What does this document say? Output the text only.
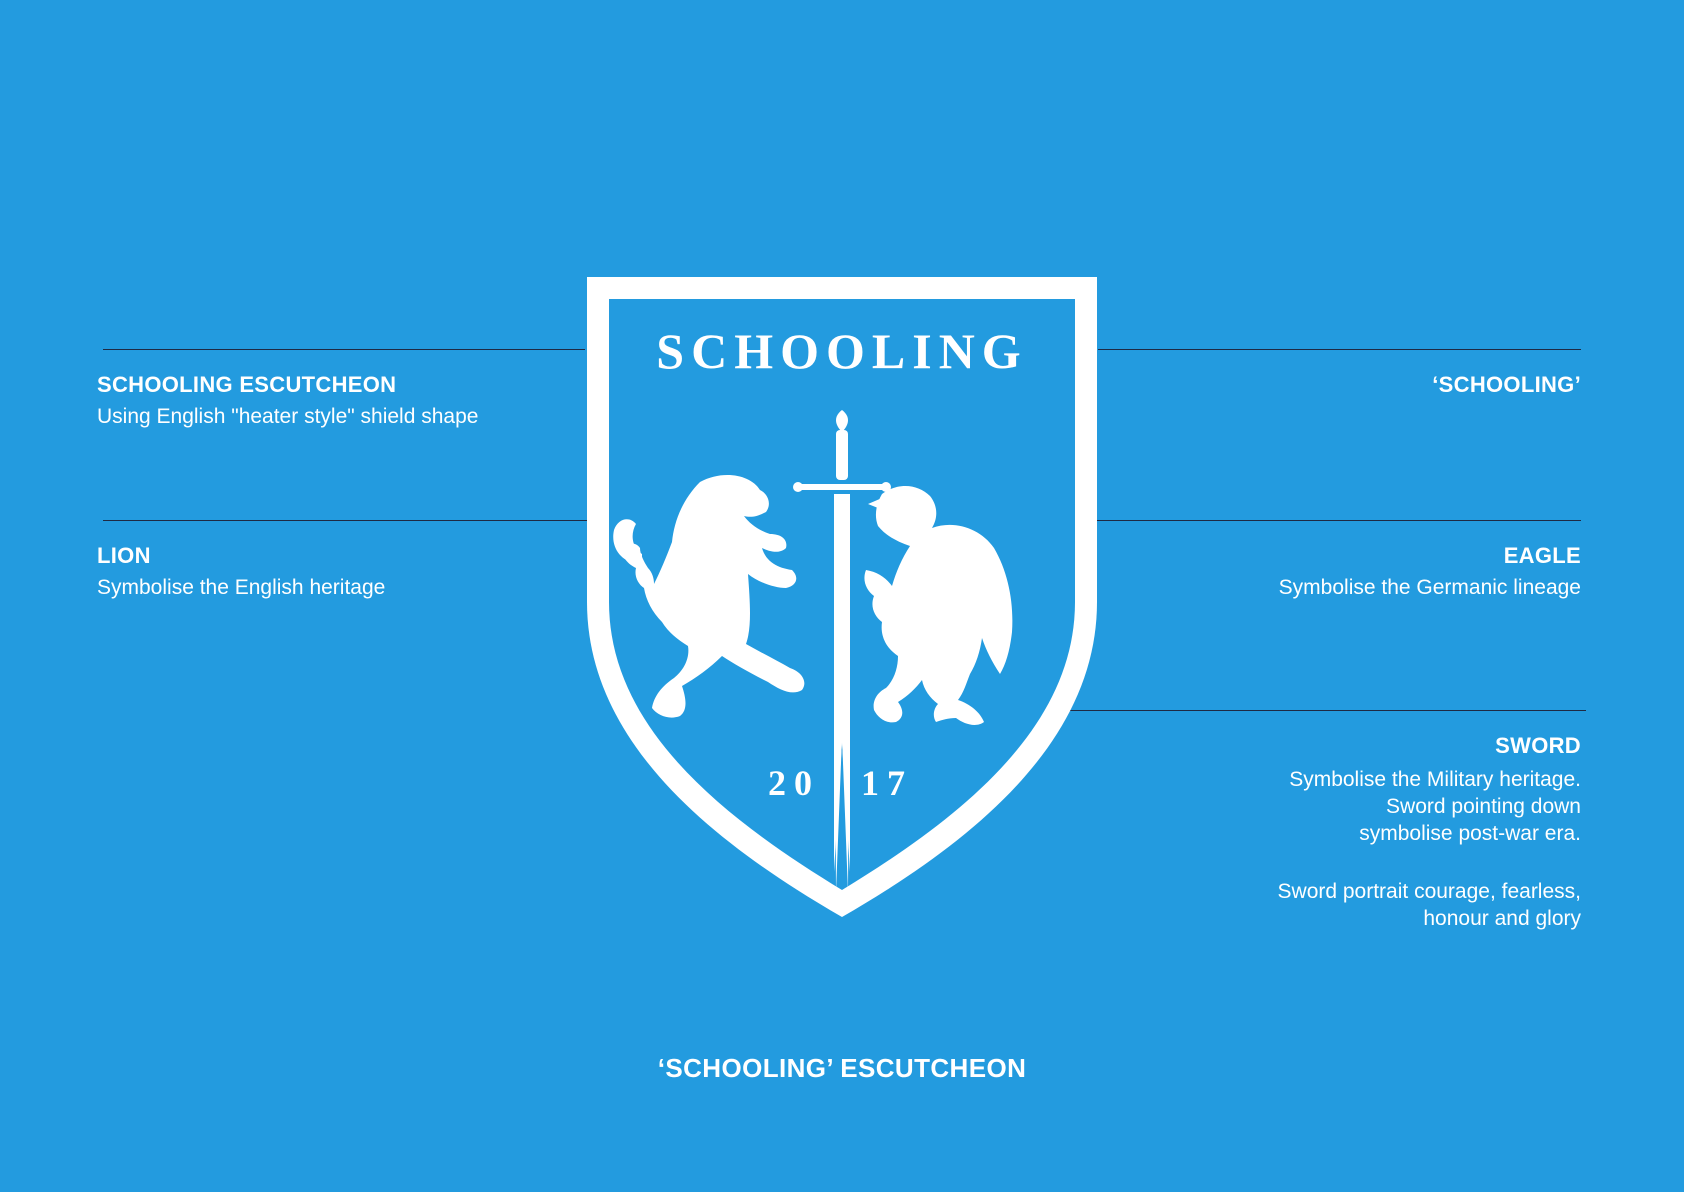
SCHOOLING ESCUTCHEON
Using English "heater style" shield shape
LION
Symbolise the English heritage
‘SCHOOLING’
EAGLE
Symbolise the Germanic lineage
SWORD
Symbolise the Military heritage.
Sword pointing down
symbolise post-war era.
Sword portrait courage, fearless,
honour and glory
SCHOOLING
20 17
‘SCHOOLING’ ESCUTCHEON
